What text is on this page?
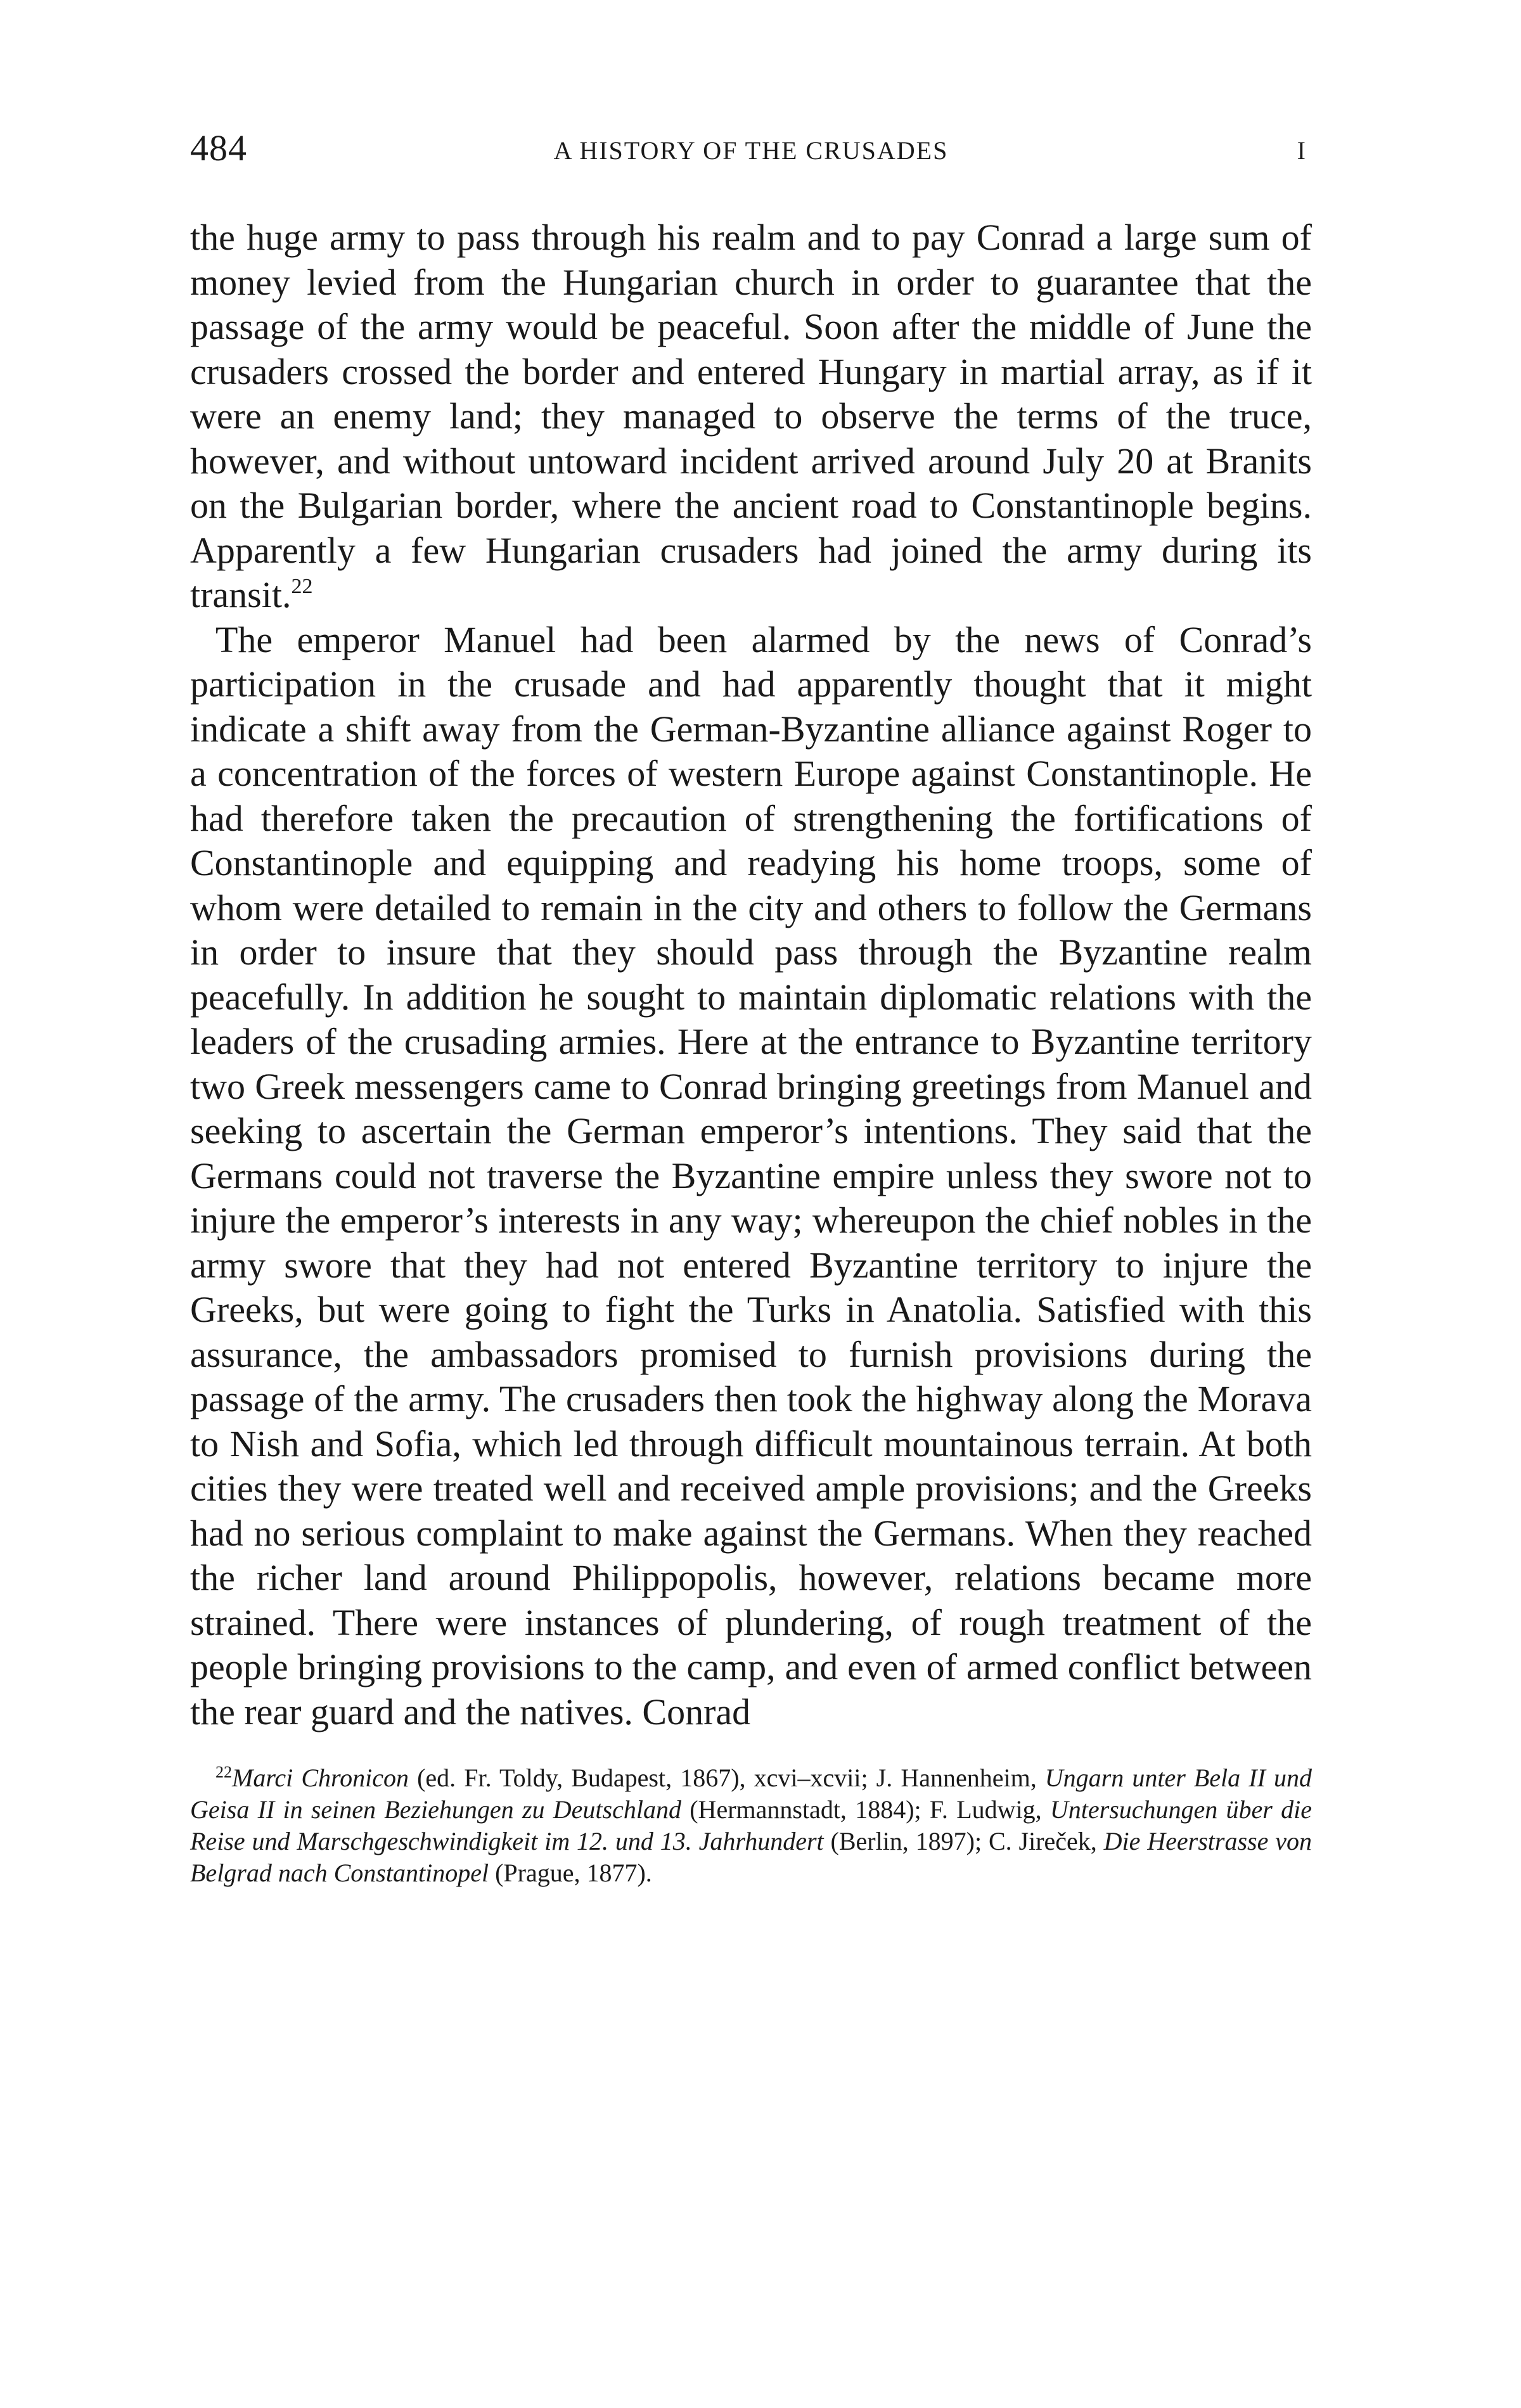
484	A HISTORY OF THE CRUSADES	I

the huge army to pass through his realm and to pay Conrad a large sum of money levied from the Hungarian church in order to guarantee that the passage of the army would be peaceful. Soon after the middle of June the crusaders crossed the border and entered Hungary in martial array, as if it were an enemy land; they managed to observe the terms of the truce, however, and without untoward incident arrived around July 20 at Branits on the Bulgarian border, where the ancient road to Constantinople begins. Apparently a few Hungarian crusaders had joined the army during its transit.$^{22}$

The emperor Manuel had been alarmed by the news of Conrad’s participation in the crusade and had apparently thought that it might indicate a shift away from the German-Byzantine alliance against Roger to a concentration of the forces of western Europe against Constantinople. He had therefore taken the precaution of strengthening the fortifications of Constantinople and equipping and readying his home troops, some of whom were detailed to remain in the city and others to follow the Germans in order to insure that they should pass through the Byzantine realm peacefully. In addition he sought to maintain diplomatic relations with the leaders of the crusading armies. Here at the entrance to Byzantine territory two Greek messengers came to Conrad bringing greetings from Manuel and seeking to ascertain the German emperor’s intentions. They said that the Germans could not traverse the Byzantine empire unless they swore not to injure the emperor’s interests in any way; whereupon the chief nobles in the army swore that they had not entered Byzantine territory to injure the Greeks, but were going to fight the Turks in Anatolia. Satisfied with this assurance, the ambassadors promised to furnish provisions during the passage of the army. The crusaders then took the highway along the Morava to Nish and Sofia, which led through difficult mountainous terrain. At both cities they were treated well and received ample provisions; and the Greeks had no serious complaint to make against the Germans. When they reached the richer land around Philippopolis, however, relations became more strained. There were instances of plundering, of rough treatment of the people bringing provisions to the camp, and even of armed conflict between the rear guard and the natives. Conrad

$^{22}$Marci Chronicon (ed. Fr. Toldy, Budapest, 1867), xcvi–xcvii; J. Hannenheim, Ungarn unter Bela II und Geisa II in seinen Beziehungen zu Deutschland (Hermannstadt, 1884); F. Ludwig, Untersuchungen über die Reise und Marschgeschwindigkeit im 12. und 13. Jahrhundert (Berlin, 1897); C. Jireček, Die Heerstrasse von Belgrad nach Constantinopel (Prague, 1877).
